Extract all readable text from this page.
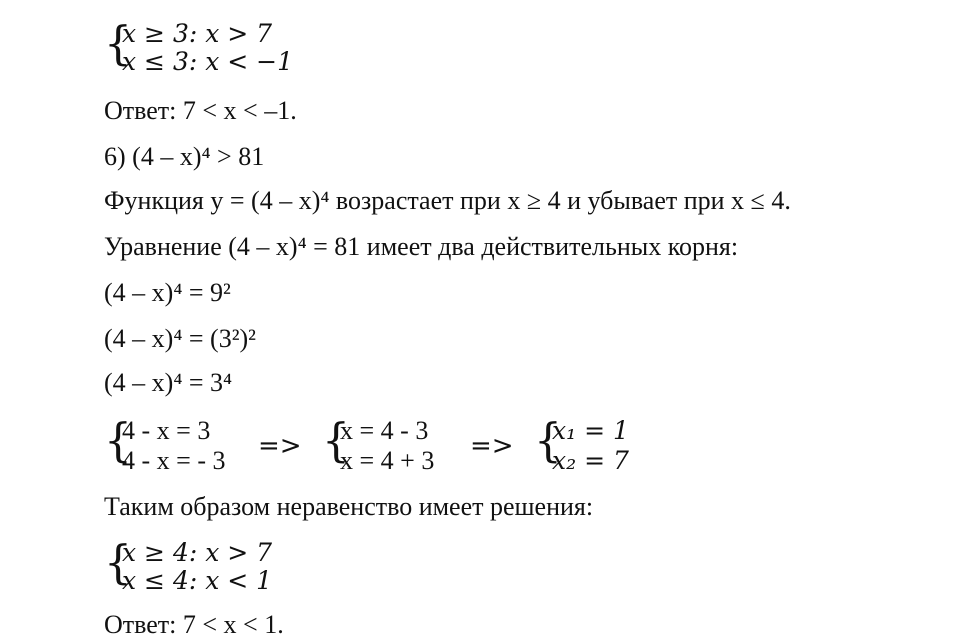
{
x ≥ 3: x > 7
x ≤ 3: x < −1
Ответ: 7 < x < –1.
6) (4 – x)⁴ > 81
Функция y = (4 – x)⁴ возрастает при x ≥ 4 и убывает при x ≤ 4.
Уравнение (4 – x)⁴ = 81 имеет два действительных корня:
(4 – x)⁴ = 9²
(4 – x)⁴ = (3²)²
(4 – x)⁴ = 3⁴
{
4 - x = 3
4 - x = - 3 => {
x = 4 - 3
x = 4 + 3 => {
x₁ = 1
x₂ = 7
Таким образом неравенство имеет решения:
{
x ≥ 4: x > 7
x ≤ 4: x < 1
Ответ: 7 < x < 1.
